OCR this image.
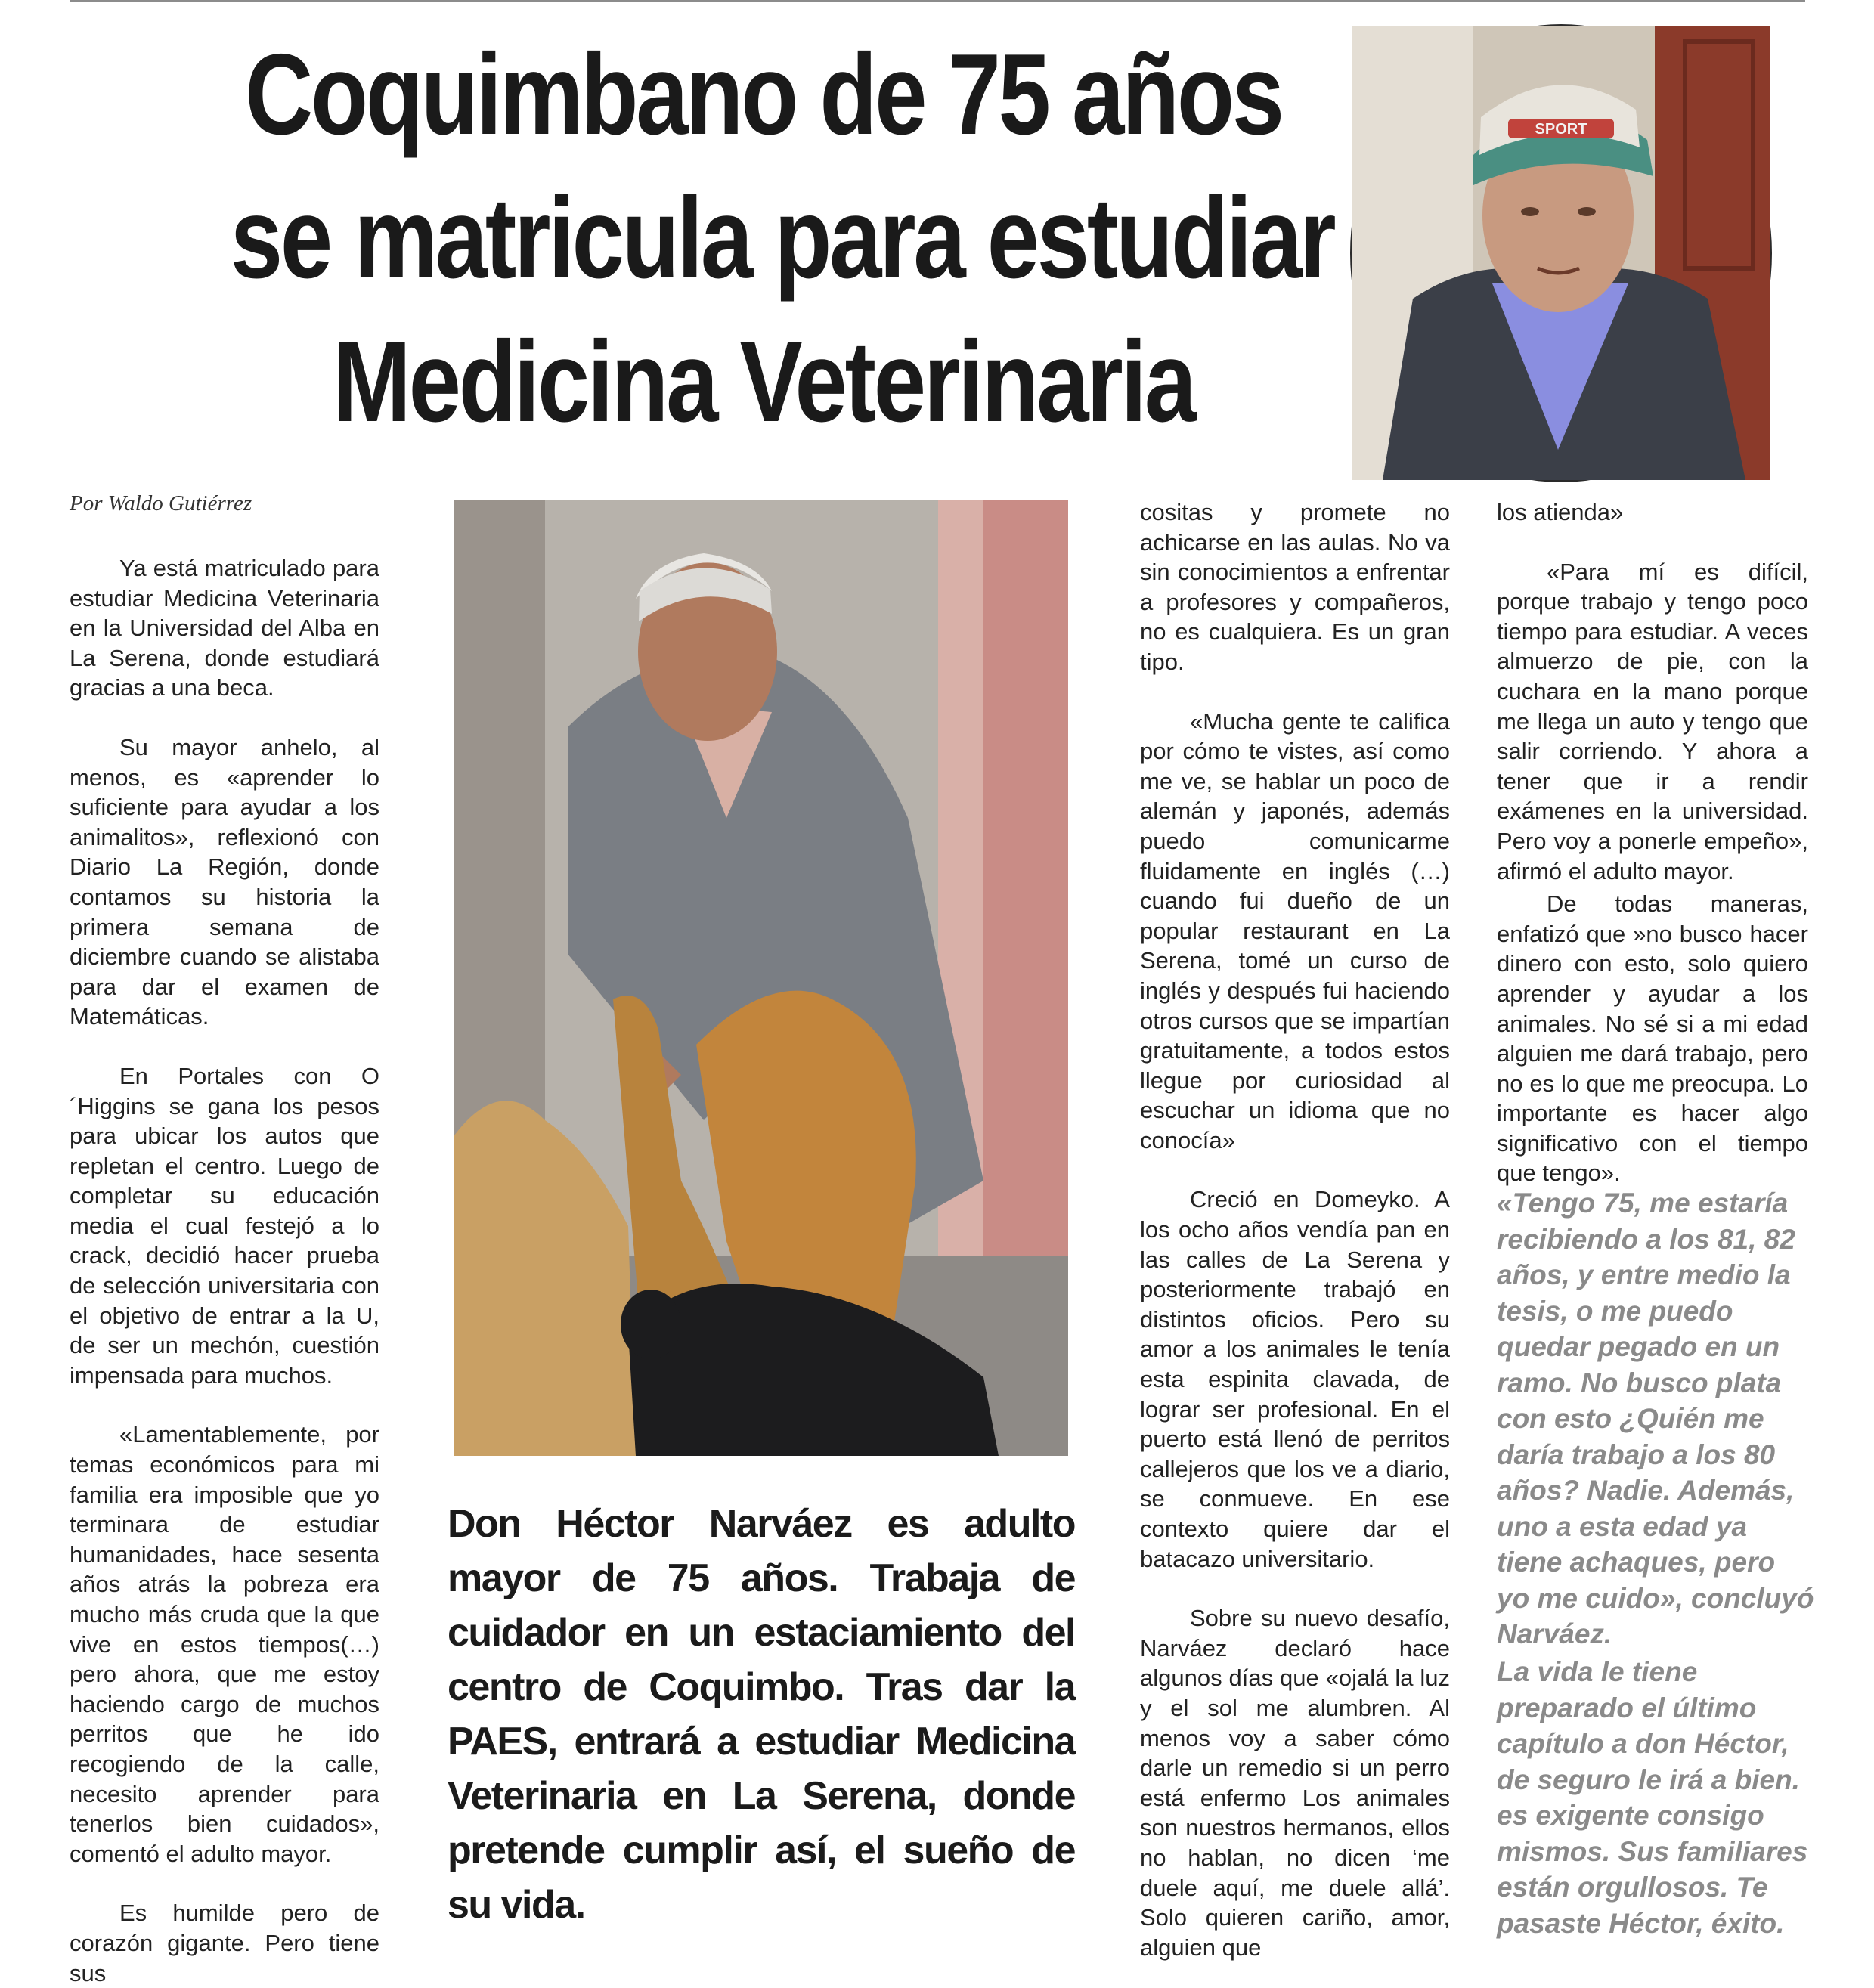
Coquimbano de 75 años
se matricula para estudiar
Medicina Veterinaria
SPORT

Por Waldo Gutiérrez

Ya está matriculado para estudiar Medicina Veterinaria en la Universidad del Alba en La Serena, donde estudiará gracias a una beca.

Su mayor anhelo, al menos, es «aprender lo suficiente para ayudar a los animalitos», reflexionó con Diario La Región, donde contamos su historia la primera semana de diciembre cuando se alistaba para dar el examen de Matemáticas.

En Portales con O´Higgins se gana los pesos para ubicar los autos que repletan el centro. Luego de completar su educación media el cual festejó a lo crack, decidió hacer prueba de selección universitaria con el objetivo de entrar a la U, de ser un mechón, cuestión impensada para muchos.

«Lamentablemente, por temas económicos para mi familia era imposible que yo terminara de estudiar humanidades, hace sesenta años atrás la pobreza era mucho más cruda que la que vive en estos tiempos(…) pero ahora, que me estoy haciendo cargo de muchos perritos que he ido recogiendo de la calle, necesito aprender para tenerlos bien cuidados», comentó el adulto mayor.

Es humilde pero de corazón gigante. Pero tiene sus

Don Héctor Narváez es adulto mayor de 75 años. Trabaja de cuidador en un estaciamiento del centro de Coquimbo. Tras dar la PAES, entrará a estudiar Medicina Veterinaria en La Serena, donde pretende cumplir así, el sueño de su vida.

cositas y promete no achicarse en las aulas. No va sin conocimientos a enfrentar a profesores y compañeros, no es cualquiera. Es un gran tipo.

«Mucha gente te califica por cómo te vistes, así como me ve, se hablar un poco de alemán y japonés, además puedo comunicarme fluidamente en inglés (…) cuando fui dueño de un popular restaurant en La Serena, tomé un curso de inglés y después fui haciendo otros cursos que se impartían gratuitamente, a todos estos llegue por curiosidad al escuchar un idioma que no conocía»

Creció en Domeyko. A los ocho años vendía pan en las calles de La Serena y posteriormente trabajó en distintos oficios. Pero su amor a los animales le tenía esta espinita clavada, de lograr ser profesional. En el puerto está llenó de perritos callejeros que los ve a diario, se conmueve. En ese contexto quiere dar el batacazo universitario.

Sobre su nuevo desafío, Narváez declaró hace algunos días que «ojalá la luz y el sol me alumbren. Al menos voy a saber cómo darle un remedio si un perro está enfermo Los animales son nuestros hermanos, ellos no hablan, no dicen ‘me duele aquí, me duele allá’. Solo quieren cariño, amor, alguien que

los atienda»

«Para mí es difícil, porque trabajo y tengo poco tiempo para estudiar. A veces almuerzo de pie, con la cuchara en la mano porque me llega un auto y tengo que salir corriendo. Y ahora a tener que ir a rendir exámenes en la universidad. Pero voy a ponerle empeño», afirmó el adulto mayor.

De todas maneras, enfatizó que »no busco hacer dinero con esto, solo quiero aprender y ayudar a los animales. No sé si a mi edad alguien me dará trabajo, pero no es lo que me preocupa. Lo importante es hacer algo significativo con el tiempo que tengo».

«Tengo 75, me estaría recibiendo a los 81, 82 años, y entre medio la tesis, o me puedo quedar pegado en un ramo. No busco plata con esto ¿Quién me daría trabajo a los 80 años? Nadie. Además, uno a esta edad ya tiene achaques, pero yo me cuido», concluyó Narváez.

La vida le tiene preparado el último capítulo a don Héctor, de seguro le irá a bien. es exigente consigo mismos. Sus familiares están orgullosos. Te pasaste Héctor, éxito.
